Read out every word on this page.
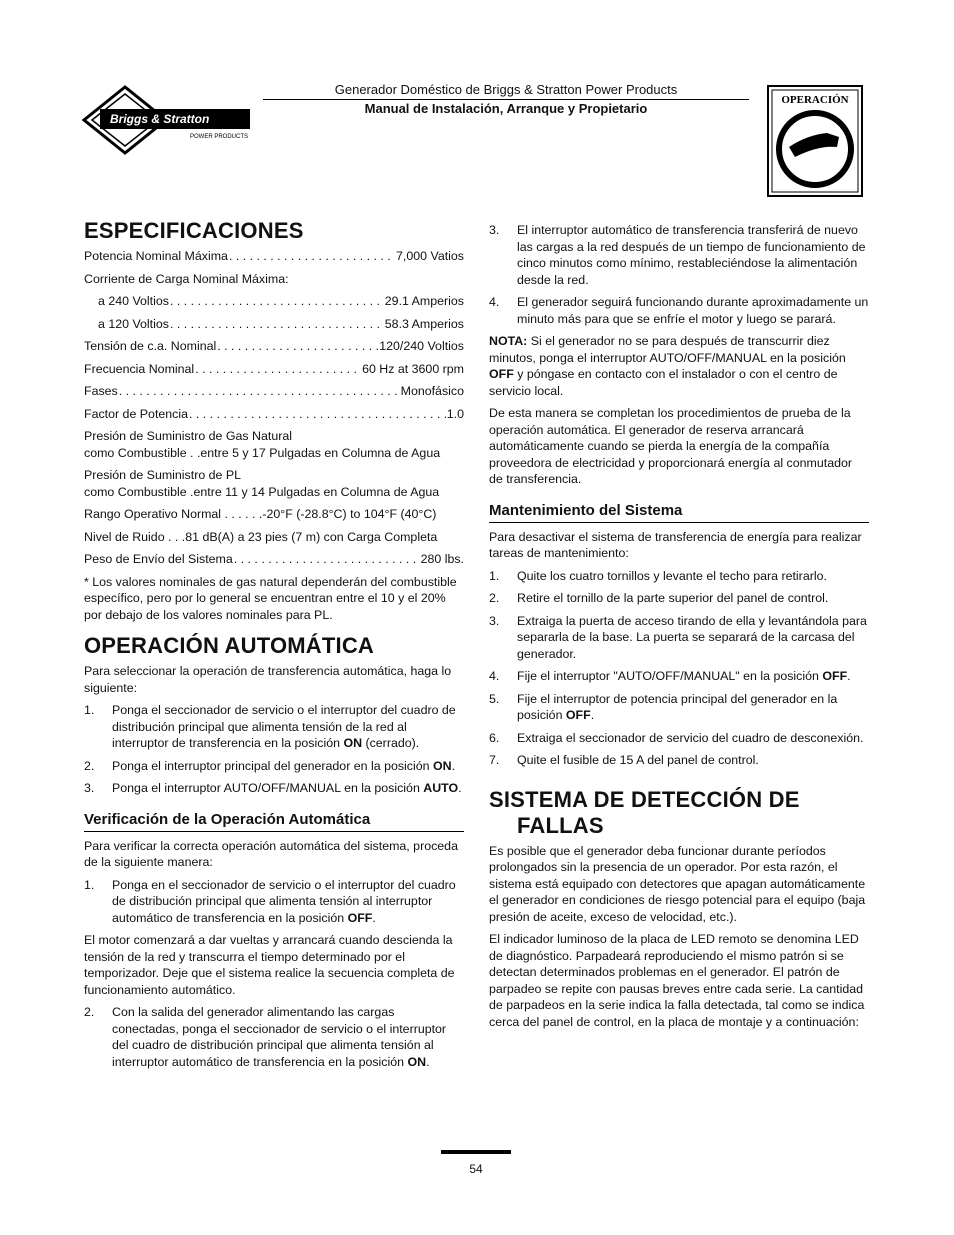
Briggs & Stratton
POWER PRODUCTS
Generador Doméstico de Briggs & Stratton Power Products
Manual de Instalación, Arranque y Propietario
OPERACIÓN
ESPECIFICACIONES
Potencia Nominal Máxima . . .	7,000 Vatios
Corriente de Carga Nominal Máxima:
a 240 Voltios . . .	29.1 Amperios
a 120 Voltios . . .	58.3 Amperios
Tensión de c.a. Nominal . . .	120/240 Voltios
Frecuencia Nominal . . .	60 Hz at 3600 rpm
Fases . . .	Monofásico
Factor de Potencia . . .	1.0
Presión de Suministro de Gas Natural
como Combustible . .entre 5 y 17 Pulgadas en Columna de Agua
Presión de Suministro de PL
como Combustible .entre 11 y 14 Pulgadas en Columna de Agua
Rango Operativo Normal . . . . . .-20°F (-28.8°C) to 104°F (40°C)
Nivel de Ruido . . .81 dB(A) a 23 pies (7 m) con Carga Completa
Peso de Envío del Sistema . . .	280 lbs.

* Los valores nominales de gas natural dependerán del combustible específico, pero por lo general se encuentran entre el 10 y el 20% por debajo de los valores nominales para PL.

OPERACIÓN AUTOMÁTICA

Para seleccionar la operación de transferencia automática, haga lo siguiente:

1. Ponga el seccionador de servicio o el interruptor del cuadro de distribución principal que alimenta tensión de la red al interruptor de transferencia en la posición ON (cerrado).
2. Ponga el interruptor principal del generador en la posición ON.
3. Ponga el interruptor AUTO/OFF/MANUAL en la posición AUTO.
Verificación de la Operación Automática

Para verificar la correcta operación automática del sistema, proceda de la siguiente manera:

1. Ponga en el seccionador de servicio o el interruptor del cuadro de distribución principal que alimenta tensión al interruptor automático de transferencia en la posición OFF.

El motor comenzará a dar vueltas y arrancará cuando descienda la tensión de la red y transcurra el tiempo determinado por el temporizador. Deje que el sistema realice la secuencia completa de funcionamiento automático.

2. Con la salida del generador alimentando las cargas conectadas, ponga el seccionador de servicio o el interruptor del cuadro de distribución principal que alimenta tensión al interruptor automático de transferencia en la posición ON.
3. El interruptor automático de transferencia transferirá de nuevo las cargas a la red después de un tiempo de funcionamiento de cinco minutos como mínimo, restableciéndose la alimentación desde la red.
4. El generador seguirá funcionando durante aproximadamente un minuto más para que se enfríe el motor y luego se parará.

NOTA: Si el generador no se para después de transcurrir diez minutos, ponga el interruptor AUTO/OFF/MANUAL en la posición OFF y póngase en contacto con el instalador o con el centro de servicio local.

De esta manera se completan los procedimientos de prueba de la operación automática. El generador de reserva arrancará automáticamente cuando se pierda la energía de la compañía proveedora de electricidad y proporcionará energía al conmutador de transferencia.

Mantenimiento del Sistema

Para desactivar el sistema de transferencia de energía para realizar tareas de mantenimiento:

1. Quite los cuatro tornillos y levante el techo para retirarlo.
2. Retire el tornillo de la parte superior del panel de control.
3. Extraiga la puerta de acceso tirando de ella y levantándola para separarla de la base. La puerta se separará de la carcasa del generador.
4. Fije el interruptor "AUTO/OFF/MANUAL" en la posición OFF.
5. Fije el interruptor de potencia principal del generador en la posición OFF.
6. Extraiga el seccionador de servicio del cuadro de desconexión.
7. Quite el fusible de 15 A del panel de control.
SISTEMA DE DETECCIÓN DE FALLAS

Es posible que el generador deba funcionar durante períodos prolongados sin la presencia de un operador. Por esta razón, el sistema está equipado con detectores que apagan automáticamente el generador en condiciones de riesgo potencial para el equipo (baja presión de aceite, exceso de velocidad, etc.).

El indicador luminoso de la placa de LED remoto se denomina LED de diagnóstico. Parpadeará reproduciendo el mismo patrón si se detectan determinados problemas en el generador. El patrón de parpadeo se repite con pausas breves entre cada serie. La cantidad de parpadeos en la serie indica la falla detectada, tal como se indica cerca del panel de control, en la placa de montaje y a continuación:

54
